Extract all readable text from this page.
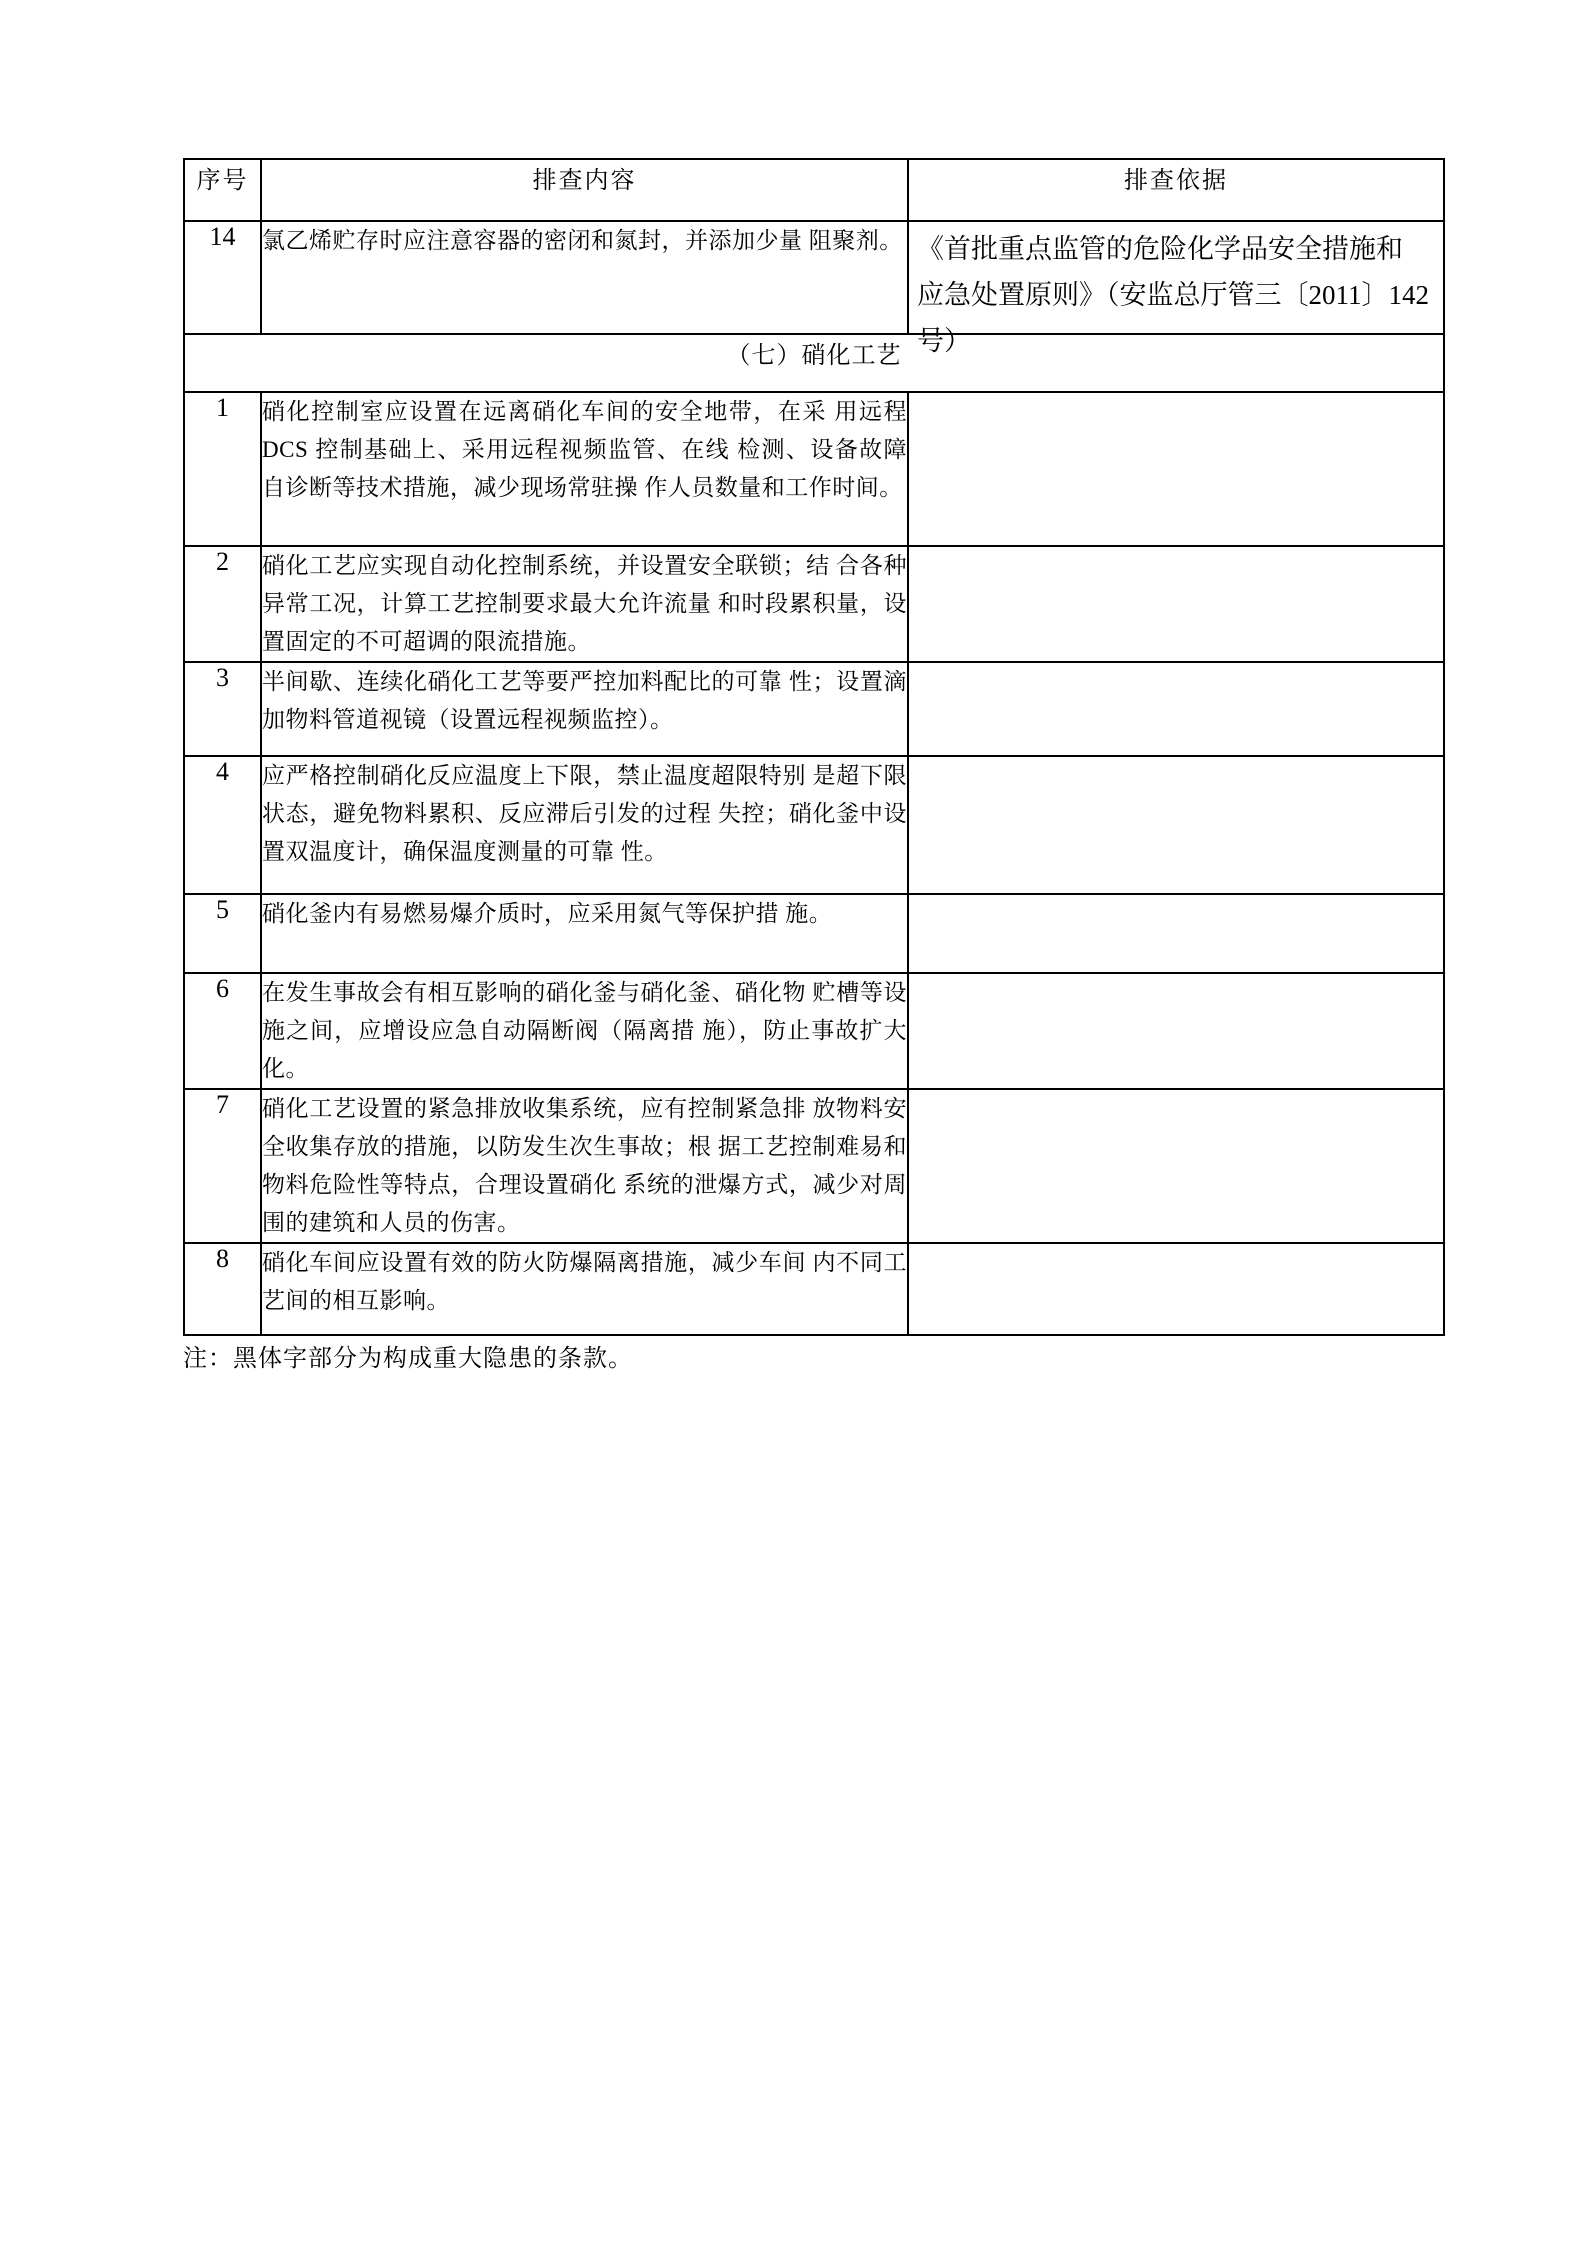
序号	排查内容	排查依据
14	氯乙烯贮存时应注意容器的密闭和氮封，并添加少量 阻聚剂。	《首批重点监管的危险化学品安全措施和
应急处置原则》（安监总厅管三〔2011〕142
号）

（七）硝化工艺		
1	硝化控制室应设置在远离硝化车间的安全地带，在采 用远程 DCS 控制基础上、采用远程视频监管、在线 检测、设备故障自诊断等技术措施，减少现场常驻操 作人员数量和工作时间。	
2	硝化工艺应实现自动化控制系统，并设置安全联锁；结 合各种异常工况，计算工艺控制要求最大允许流量 和时段累积量，设置固定的不可超调的限流措施。	
3	半间歇、连续化硝化工艺等要严控加料配比的可靠 性；设置滴加物料管道视镜（设置远程视频监控）。	
4	应严格控制硝化反应温度上下限，禁止温度超限特别 是超下限状态，避免物料累积、反应滞后引发的过程 失控；硝化釜中设置双温度计，确保温度测量的可靠 性。	
5	硝化釜内有易燃易爆介质时，应采用氮气等保护措 施。	
6	在发生事故会有相互影响的硝化釜与硝化釜、硝化物 贮槽等设施之间，应增设应急自动隔断阀（隔离措 施），防止事故扩大化。	
7	硝化工艺设置的紧急排放收集系统，应有控制紧急排 放物料安全收集存放的措施，以防发生次生事故；根 据工艺控制难易和物料危险性等特点，合理设置硝化 系统的泄爆方式，减少对周围的建筑和人员的伤害。	
8	硝化车间应设置有效的防火防爆隔离措施，减少车间 内不同工艺间的相互影响。	
注：黑体字部分为构成重大隐患的条款。
